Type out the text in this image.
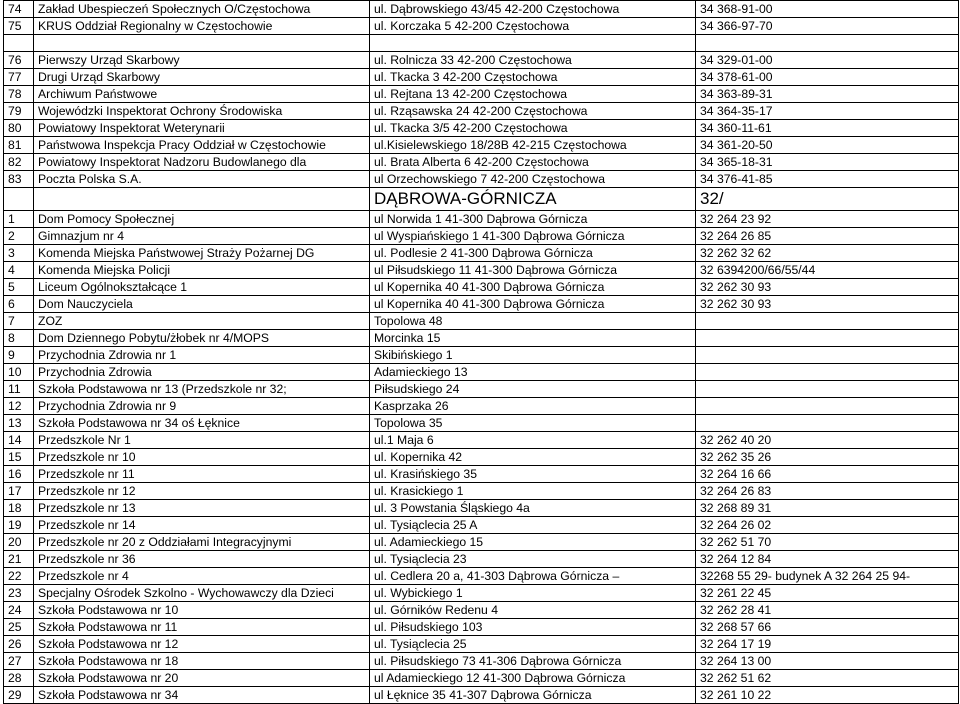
74	Zakład Ubespieczeń Społecznych O/Częstochowa	ul. Dąbrowskiego 43/45 42-200 Częstochowa	34 368-91-00
75	KRUS Oddział Regionalny w Częstochowie	ul. Korczaka 5 42-200 Częstochowa	34 366-97-70

76	Pierwszy Urząd Skarbowy	ul. Rolnicza 33 42-200 Częstochowa	34 329-01-00
77	Drugi Urząd Skarbowy	ul. Tkacka 3 42-200 Częstochowa	34 378-61-00
78	Archiwum Państwowe	ul. Rejtana 13 42-200 Częstochowa	34 363-89-31
79	Wojewódzki Inspektorat Ochrony Środowiska	ul. Rząsawska 24 42-200 Częstochowa	34 364-35-17
80	Powiatowy Inspektorat Weterynarii	ul. Tkacka 3/5 42-200 Częstochowa	34 360-11-61
81	Państwowa Inspekcja Pracy Oddział w Częstochowie	ul.Kisielewskiego 18/28B 42-215 Częstochowa	34 361-20-50
82	Powiatowy Inspektorat Nadzoru Budowlanego dla	ul. Brata Alberta 6 42-200 Częstochowa	34 365-18-31
83	Poczta Polska S.A.	ul Orzechowskiego 7 42-200 Częstochowa	34 376-41-85
		DĄBROWA-GÓRNICZA	32/
1	Dom Pomocy Społecznej	ul Norwida 1 41-300 Dąbrowa Górnicza	32 264 23 92
2	Gimnazjum nr 4	ul Wyspiańskiego 1 41-300 Dąbrowa Górnicza	32 264 26 85
3	Komenda Miejska Państwowej Straży Pożarnej DG	ul. Podlesie 2 41-300 Dąbrowa Górnicza	32 262 32 62
4	Komenda Miejska Policji	ul Piłsudskiego 11 41-300 Dąbrowa Górnicza	32 6394200/66/55/44
5	Liceum Ogólnokształcące 1	ul Kopernika 40 41-300 Dąbrowa Górnicza	32 262 30 93
6	Dom Nauczyciela	ul Kopernika 40 41-300 Dąbrowa Górnicza	32 262 30 93
7	ZOZ	Topolowa 48	
8	Dom Dziennego Pobytu/żłobek nr 4/MOPS	Morcinka 15	
9	Przychodnia Zdrowia nr 1	Skibińskiego 1	
10	Przychodnia Zdrowia	Adamieckiego 13	
11	Szkoła Podstawowa nr 13 (Przedszkole nr 32;	Piłsudskiego 24	
12	Przychodnia Zdrowia nr 9	Kasprzaka 26	
13	Szkoła Podstawowa nr 34 oś Łęknice	Topolowa 35	
14	Przedszkole Nr 1	ul.1 Maja 6	32 262 40 20
15	Przedszkole nr 10	ul. Kopernika 42	32 262 35 26
16	Przedszkole nr 11	ul. Krasińskiego 35	32 264 16 66
17	Przedszkole nr 12	ul. Krasickiego 1	32 264 26 83
18	Przedszkole nr 13	ul. 3 Powstania Śląskiego 4a	32 268 89 31
19	Przedszkole nr 14	ul. Tysiąclecia 25 A	32 264 26 02
20	Przedszkole nr 20 z Oddziałami Integracyjnymi	ul. Adamieckiego 15	32 262 51 70
21	Przedszkole nr 36	ul. Tysiąclecia 23	32 264 12 84
22	Przedszkole nr 4	ul. Cedlera 20 a, 41-303 Dąbrowa Górnicza –	32268 55 29- budynek A 32 264 25 94-
23	Specjalny Ośrodek Szkolno - Wychowawczy dla Dzieci	ul. Wybickiego 1	32 261 22 45
24	Szkoła Podstawowa nr 10	ul. Górników Redenu 4	32 262 28 41
25	Szkoła Podstawowa nr 11	ul. Piłsudskiego 103	32 268 57 66
26	Szkoła Podstawowa nr 12	ul. Tysiąclecia 25	32 264 17 19
27	Szkoła Podstawowa nr 18	ul. Piłsudskiego 73 41-306 Dąbrowa Górnicza	32 264 13 00
28	Szkoła Podstawowa nr 20	ul Adamieckiego 12 41-300 Dąbrowa Górnicza	32 262 51 62
29	Szkoła Podstawowa nr 34	ul Łęknice 35 41-307 Dąbrowa Górnicza	32 261 10 22
